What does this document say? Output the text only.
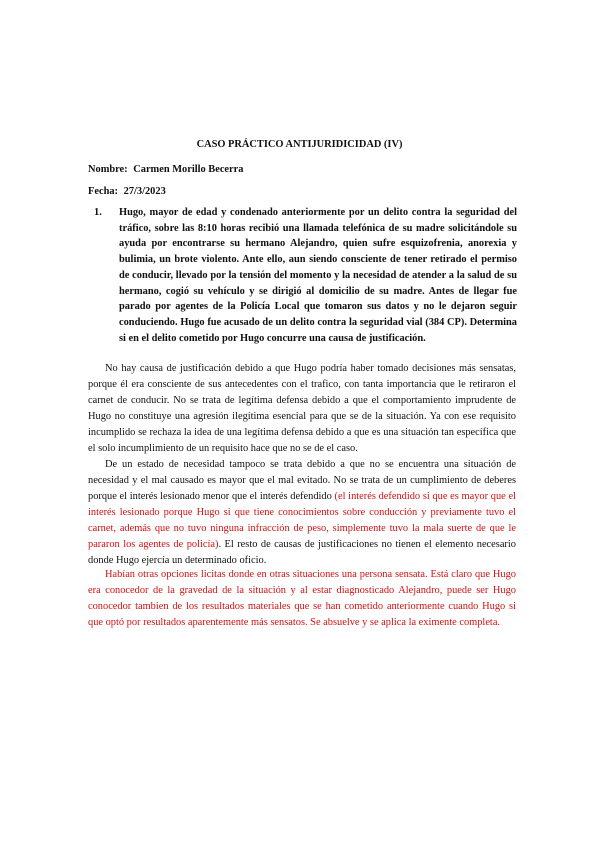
CASO PRÁCTICO ANTIJURIDICIDAD (IV)
Nombre: Carmen Morillo Becerra
Fecha: 27/3/2023
1. Hugo, mayor de edad y condenado anteriormente por un delito contra la seguridad del tráfico, sobre las 8:10 horas recibió una llamada telefónica de su madre solicitándole su ayuda por encontrarse su hermano Alejandro, quien sufre esquizofrenia, anorexia y bulimia, un brote violento. Ante ello, aun siendo consciente de tener retirado el permiso de conducir, llevado por la tensión del momento y la necesidad de atender a la salud de su hermano, cogió su vehículo y se dirigió al domicilio de su madre. Antes de llegar fue parado por agentes de la Policía Local que tomaron sus datos y no le dejaron seguir conduciendo. Hugo fue acusado de un delito contra la seguridad vial (384 CP). Determina si en el delito cometido por Hugo concurre una causa de justificación.

No hay causa de justificación debido a que Hugo podría haber tomado decisiones más sensatas, porque él era consciente de sus antecedentes con el trafico, con tanta importancia que le retiraron el carnet de conducir. No se trata de legítima defensa debido a que el comportamiento imprudente de Hugo no constituye una agresión ilegítima esencial para que se de la situación. Ya con ese requisito incumplido se rechaza la idea de una legítima defensa debido a que es una situación tan específica que el solo incumplimiento de un requisito hace que no se de el caso.

De un estado de necesidad tampoco se trata debido a que no se encuentra una situación de necesidad y el mal causado es mayor que el mal evitado. No se trata de un cumplimiento de deberes porque el interés lesionado menor que el interés defendido (el interés defendido si que es mayor que el interés lesionado porque Hugo si que tiene conocimientos sobre conducción y previamente tuvo el carnet, además que no tuvo ninguna infracción de peso, simplemente tuvo la mala suerte de que le pararon los agentes de policía). El resto de causas de justificaciones no tienen el elemento necesario donde Hugo ejercía un determinado oficio.

Habían otras opciones licitas donde en otras situaciones una persona sensata. Está claro que Hugo era conocedor de la gravedad de la situación y al estar diagnosticado Alejandro, puede ser Hugo conocedor tambien de los resultados materiales que se han cometido anteriormente cuando Hugo si que optó por resultados aparentemente más sensatos. Se absuelve y se aplica la eximente completa.
